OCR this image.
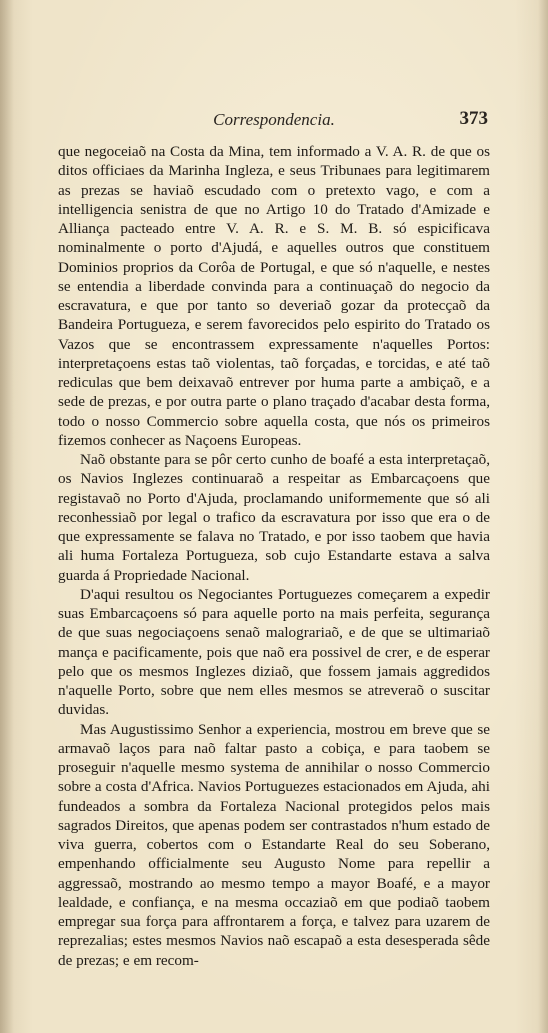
Correspondencia.	373

que negoceiaõ na Costa da Mina, tem informado a V. A. R. de que os ditos officiaes da Marinha Ingleza, e seus Tribunaes para legitimarem as prezas se haviaõ escudado com o pretexto vago, e com a intelligencia senistra de que no Artigo 10 do Tratado d'Amizade e Alliança pacteado entre V. A. R. e S. M. B. só espicificava nominalmente o porto d'Ajudá, e aquelles outros que constituem Dominios proprios da Corôa de Portugal, e que só n'aquelle, e nestes se entendia a liberdade convinda para a continuaçaõ do negocio da escravatura, e que por tanto so deveriaõ gozar da protecçaõ da Bandeira Portugueza, e serem favorecidos pelo espirito do Tratado os Vazos que se encontrassem expressamente n'aquelles Portos: interpretaçoens estas taõ violentas, taõ forçadas, e torcidas, e até taõ rediculas que bem deixavaõ entrever por huma parte a ambiçaõ, e a sede de prezas, e por outra parte o plano traçado d'acabar desta forma, todo o nosso Commercio sobre aquella costa, que nós os primeiros fizemos conhecer as Naçoens Europeas.

Naõ obstante para se pôr certo cunho de boafé a esta interpretaçaõ, os Navios Inglezes continuaraõ a respeitar as Embarcaçoens que registavaõ no Porto d'Ajuda, proclamando uniformemente que só ali reconhessiaõ por legal o trafico da escravatura por isso que era o de que expressamente se falava no Tratado, e por isso taobem que havia ali huma Fortaleza Portugueza, sob cujo Estandarte estava a salva guarda á Propriedade Nacional.

D'aqui resultou os Negociantes Portuguezes começarem a expedir suas Embarcaçoens só para aquelle porto na mais perfeita, segurança de que suas negociaçoens senaõ malograriaõ, e de que se ultimariaõ mança e pacificamente, pois que naõ era possivel de crer, e de esperar pelo que os mesmos Inglezes diziaõ, que fossem jamais aggredidos n'aquelle Porto, sobre que nem elles mesmos se atreveraõ o suscitar duvidas.

Mas Augustissimo Senhor a experiencia, mostrou em breve que se armavaõ laços para naõ faltar pasto a cobiça, e para taobem se proseguir n'aquelle mesmo systema de annihilar o nosso Commercio sobre a costa d'Africa. Navios Portuguezes estacionados em Ajuda, ahi fundeados a sombra da Fortaleza Nacional protegidos pelos mais sagrados Direitos, que apenas podem ser contrastados n'hum estado de viva guerra, cobertos com o Estandarte Real do seu Soberano, empenhando officialmente seu Augusto Nome para repellir a aggressaõ, mostrando ao mesmo tempo a mayor Boafé, e a mayor lealdade, e confiança, e na mesma occaziaõ em que podiaõ taobem empregar sua força para affrontarem a força, e talvez para uzarem de reprezalias; estes mesmos Navios naõ escapaõ a esta desesperada sêde de prezas; e em recom-
